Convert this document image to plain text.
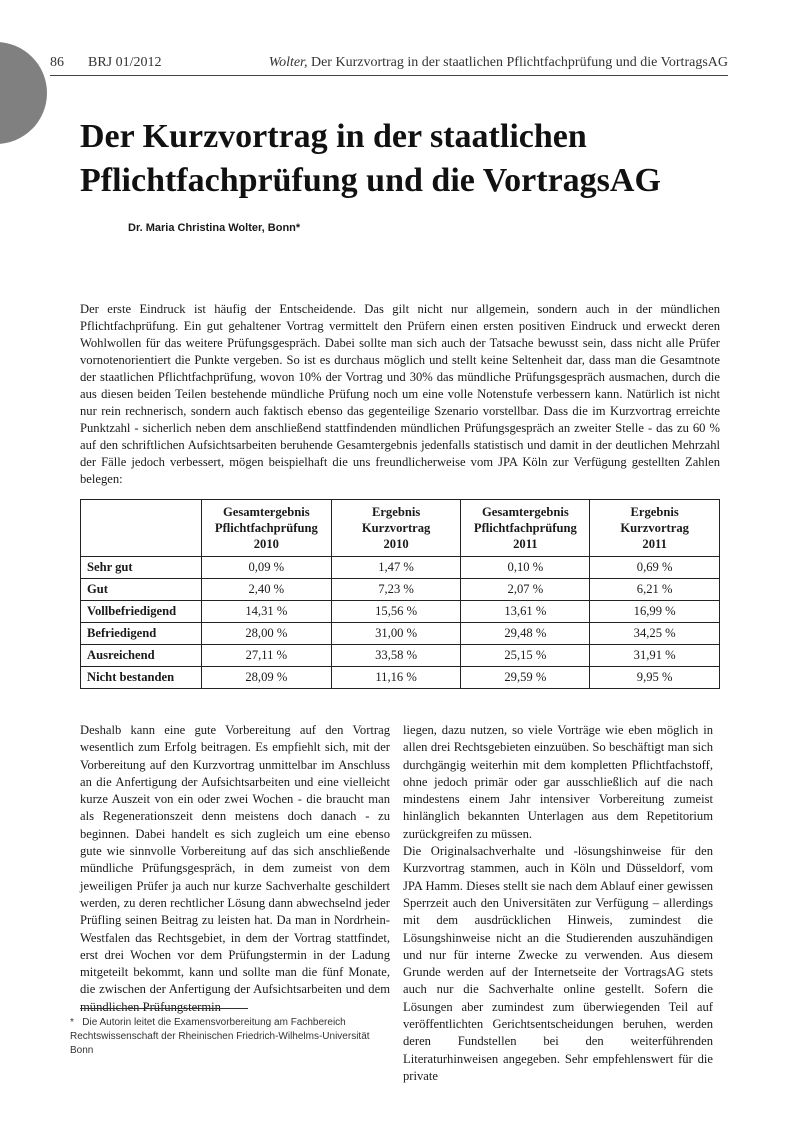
86 BRJ 01/2012	Wolter, Der Kurzvortrag in der staatlichen Pflichtfachprüfung und die VortragsAG
Der Kurzvortrag in der staatlichen
Pflichtfachprüfung und die VortragsAG
Dr. Maria Christina Wolter, Bonn*

Der erste Eindruck ist häufig der Entscheidende. Das gilt nicht nur allgemein, sondern auch in der mündlichen Pflichtfachprüfung. Ein gut gehaltener Vortrag vermittelt den Prüfern einen ersten positiven Eindruck und erweckt deren Wohlwollen für das weitere Prüfungsgespräch. Dabei sollte man sich auch der Tatsache bewusst sein, dass nicht alle Prüfer vornotenorientiert die Punkte vergeben. So ist es durchaus möglich und stellt keine Seltenheit dar, dass man die Gesamtnote der staatlichen Pflichtfachprüfung, wovon 10% der Vortrag und 30% das mündliche Prüfungsgespräch ausmachen, durch die aus diesen beiden Teilen bestehende mündliche Prüfung noch um eine volle Notenstufe verbessern kann. Natürlich ist nicht nur rein rechnerisch, sondern auch faktisch ebenso das gegenteilige Szenario vorstellbar. Dass die im Kurzvortrag erreichte Punktzahl - sicherlich neben dem anschließend stattfindenden mündlichen Prüfungsgespräch an zweiter Stelle - das zu 60 % auf den schriftlichen Aufsichtsarbeiten beruhende Gesamtergebnis jedenfalls statistisch und damit in der deutlichen Mehrzahl der Fälle jedoch verbessert, mögen beispielhaft die uns freundlicherweise vom JPA Köln zur Verfügung gestellten Zahlen belegen:

	Gesamtergebnis
Pflichtfachprüfung
2010	Ergebnis
Kurzvortrag
2010	Gesamtergebnis
Pflichtfachprüfung
2011	Ergebnis
Kurzvortrag
2011
Sehr gut	0,09 %	1,47 %	0,10 %	0,69 %
Gut	2,40 %	7,23 %	2,07 %	6,21 %
Vollbefriedigend	14,31 %	15,56 %	13,61 %	16,99 %
Befriedigend	28,00 %	31,00 %	29,48 %	34,25 %
Ausreichend	27,11 %	33,58 %	25,15 %	31,91 %
Nicht bestanden	28,09 %	11,16 %	29,59 %	9,95 %

Deshalb kann eine gute Vorbereitung auf den Vortrag wesentlich zum Erfolg beitragen. Es empfiehlt sich, mit der Vorbereitung auf den Kurzvortrag unmittelbar im Anschluss an die Anfertigung der Aufsichtsarbeiten und eine vielleicht kurze Auszeit von ein oder zwei Wochen - die braucht man als Regenerationszeit denn meistens doch danach - zu beginnen. Dabei handelt es sich zugleich um eine ebenso gute wie sinnvolle Vorbereitung auf das sich anschließende mündliche Prüfungsgespräch, in dem zumeist von dem jeweiligen Prüfer ja auch nur kurze Sachverhalte geschildert werden, zu deren rechtlicher Lösung dann abwechselnd jeder Prüfling seinen Beitrag zu leisten hat. Da man in Nordrhein-Westfalen das Rechtsgebiet, in dem der Vortrag stattfindet, erst drei Wochen vor dem Prüfungstermin in der Ladung mitgeteilt bekommt, kann und sollte man die fünf Monate, die zwischen der Anfertigung der Aufsichtsarbeiten und dem mündlichen Prüfungstermin

liegen, dazu nutzen, so viele Vorträge wie eben möglich in allen drei Rechtsgebieten einzuüben. So beschäftigt man sich durchgängig weiterhin mit dem kompletten Pflichtfachstoff, ohne jedoch primär oder gar ausschließlich auf die nach mindestens einem Jahr intensiver Vorbereitung zumeist hinlänglich bekannten Unterlagen aus dem Repetitorium zurückgreifen zu müssen.
Die Originalsachverhalte und -lösungshinweise für den Kurzvortrag stammen, auch in Köln und Düsseldorf, vom JPA Hamm. Dieses stellt sie nach dem Ablauf einer gewissen Sperrzeit auch den Universitäten zur Verfügung – allerdings mit dem ausdrücklichen Hinweis, zumindest die Lösungshinweise nicht an die Studierenden auszuhändigen und nur für interne Zwecke zu verwenden. Aus diesem Grunde werden auf der Internetseite der VortragsAG stets auch nur die Sachverhalte online gestellt. Sofern die Lösungen aber zumindest zum überwiegenden Teil auf veröffentlichten Gerichtsentscheidungen beruhen, werden deren Fundstellen bei den weiterführenden Literaturhinweisen angegeben. Sehr empfehlenswert für die private
* Die Autorin leitet die Examensvorbereitung am Fachbereich Rechtswissenschaft der Rheinischen Friedrich-Wilhelms-Universität Bonn
